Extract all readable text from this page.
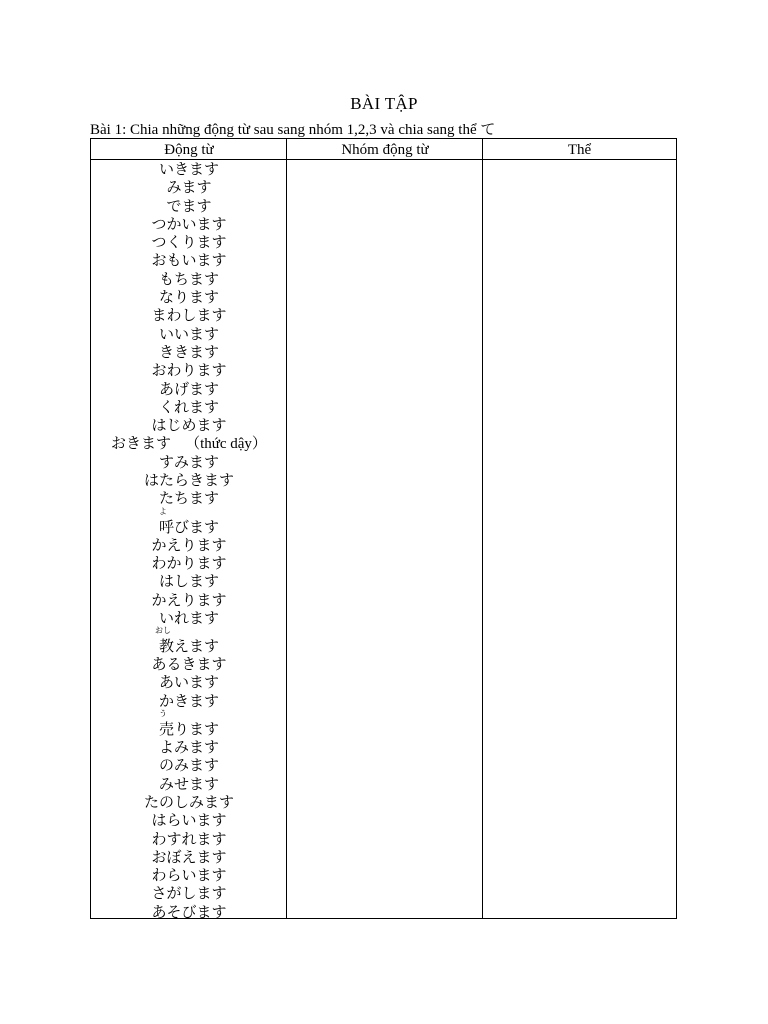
BÀI TẬP
Bài 1: Chia những động từ sau sang nhóm 1,2,3 và chia sang thể て
Động từ	Nhóm động từ	Thể
いきます
みます
でます
つかいます
つくります
おもいます
もちます
なります
まわします
いいます
ききます
おわります
あげます
くれます
はじめます
おきます （thức dậy）
すみます
はたらきます
たちます
よ
呼びます
かえります
わかります
はします
かえります
いれます
おし
教えます
あるきます
あいます
かきます
う
売ります
よみます
のみます
みせます
たのしみます
はらいます
わすれます
おぼえます
わらいます
さがします
あそびます
